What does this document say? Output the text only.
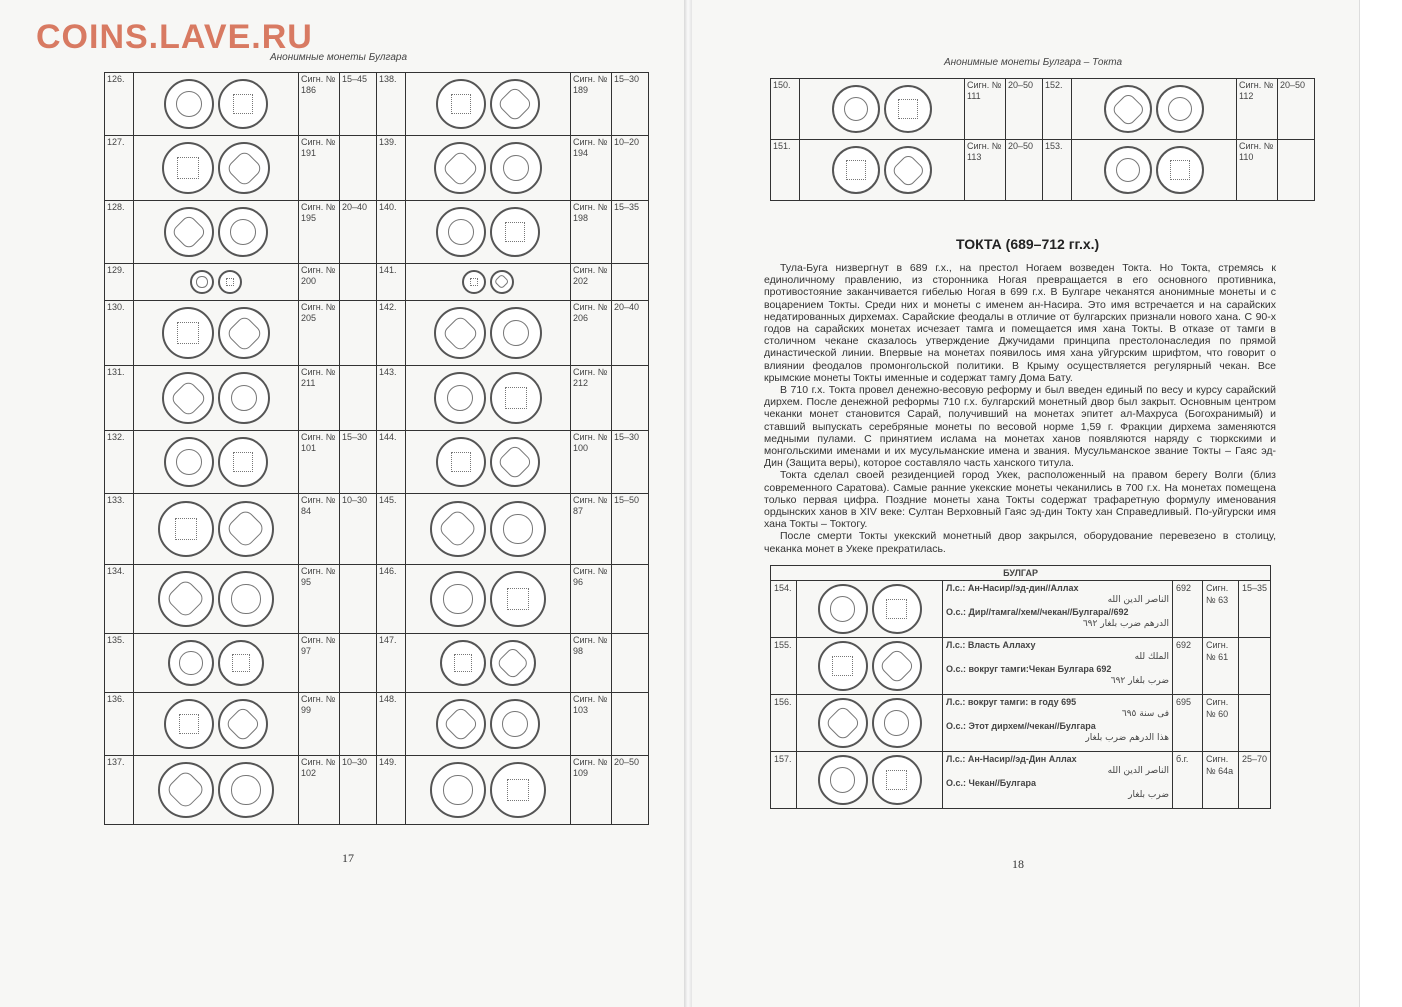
COINS.LAVE.RU
Анонимные монеты Булгара	Анонимные монеты Булгара – Токта
126.		Сигн. № 186	15–45	138.		Сигн. № 189	15–30
127.		Сигн. № 191		139.		Сигн. № 194	10–20
128.		Сигн. № 195	20–40	140.		Сигн. № 198	15–35
129.		Сигн. № 200		141.		Сигн. № 202	
130.		Сигн. № 205		142.		Сигн. № 206	20–40
131.		Сигн. № 211		143.		Сигн. № 212	
132.		Сигн. № 101	15–30	144.		Сигн. № 100	15–30
133.		Сигн. № 84	10–30	145.		Сигн. № 87	15–50
134.		Сигн. № 95		146.		Сигн. № 96	
135.		Сигн. № 97		147.		Сигн. № 98	
136.		Сигн. № 99		148.		Сигн. № 103	
137.		Сигн. № 102	10–30	149.		Сигн. № 109	20–50
17
150.		Сигн. № 111	20–50	152.		Сигн. № 112	20–50
151.		Сигн. № 113	20–50	153.		Сигн. № 110	
ТОКТА (689–712 гг.х.)

Тула-Буга низвергнут в 689 г.х., на престол Ногаем возведен Токта. Но Токта, стремясь к единоличному правлению, из сторонника Ногая превращается в его основного противника, противостояние заканчивается гибелью Ногая в 699 г.х. В Булгаре чеканятся анонимные монеты и с воцарением Токты. Среди них и монеты с именем ан-Насира. Это имя встречается и на сарайских недатированных дирхемах. Сарайские феодалы в отличие от булгарских признали нового хана. С 90-х годов на сарайских монетах исчезает тамга и помещается имя хана Токты. В отказе от тамги в столичном чекане сказалось утверждение Джучидами принципа престолонаследия по прямой династической линии. Впервые на монетах появилось имя хана уйгурским шрифтом, что говорит о влиянии феодалов промонгольской политики. В Крыму осуществляется регулярный чекан. Все крымские монеты Токты именные и содержат тамгу Дома Бату.

В 710 г.х. Токта провел денежно-весовую реформу и был введен единый по весу и курсу сарайский дирхем. После денежной реформы 710 г.х. булгарский монетный двор был закрыт. Основным центром чеканки монет становится Сарай, получивший на монетах эпитет ал-Махруса (Богохранимый) и ставший выпускать серебряные монеты по весовой норме 1,59 г. Фракции дирхема заменяются медными пулами. С принятием ислама на монетах ханов появляются наряду с тюркскими и монгольскими именами и их мусульманские имена и звания. Мусульманское звание Токты – Гаяс эд-Дин (Защита веры), которое составляло часть ханского титула.

Токта сделал своей резиденцией город Укек, расположенный на правом берегу Волги (близ современного Саратова). Самые ранние укекские монеты чеканились в 700 г.х. На монетах помещена только первая цифра. Поздние монеты хана Токты содержат трафаретную формулу именования ордынских ханов в XIV веке: Султан Верховный Гаяс эд-дин Токту хан Справедливый. По-уйгурски имя хана Токты – Токтогу.

После смерти Токты укекский монетный двор закрылся, оборудование перевезено в столицу, чеканка монет в Укеке прекратилась.

БУЛГАР					
154.		Л.с.: Ан-Насир//эд-дин//Аллах
الناصر الدين الله
О.с.: Дир//тамга//хем//чекан//Булгара//692
الدرهم ضرب بلغار ٦٩٢	692	Сигн. № 63	15–35
155.		Л.с.: Власть Аллаху
الملك لله
О.с.: вокруг тамги:Чекан Булгара 692
ضرب بلغار ٦٩٢	692	Сигн. № 61	
156.		Л.с.: вокруг тамги: в году 695
فى سنة ٦٩٥
О.с.: Этот дирхем//чекан//Булгара
هذا الدرهم ضرب بلغار	695	Сигн. № 60	
157.		Л.с.: Ан-Насир//эд-Дин Аллах
الناصر الدين الله
О.с.: Чекан//Булгара
ضرب بلغار	б.г.	Сигн. № 64а	25–70
18
